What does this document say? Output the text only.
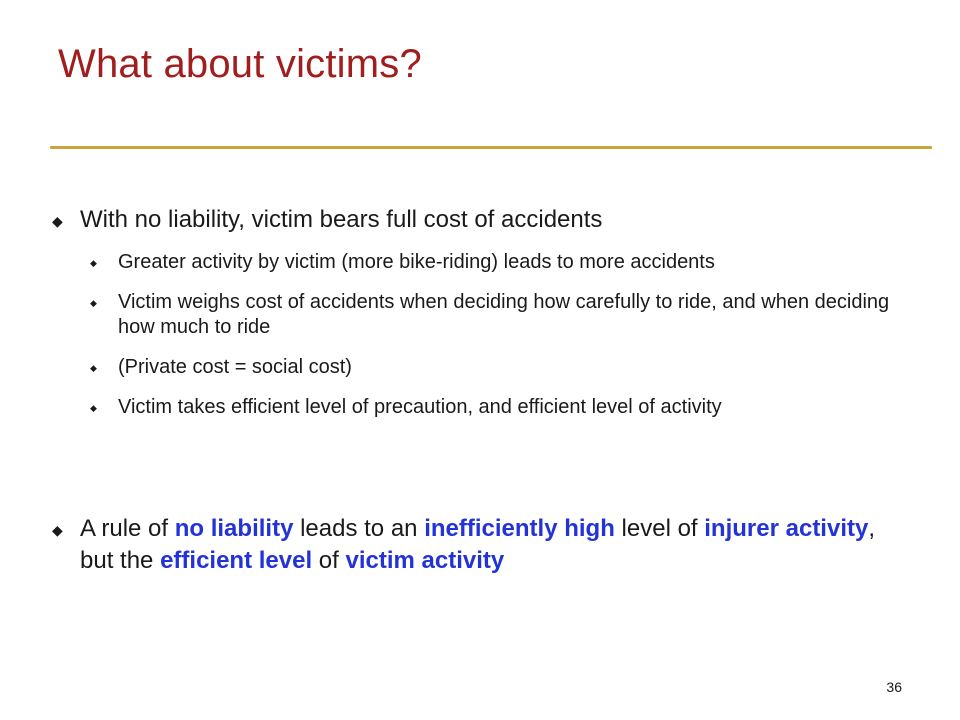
What about victims?
◆ With no liability, victim bears full cost of accidents
◆	Greater activity by victim (more bike-riding) leads to more accidents
◆	Victim weighs cost of accidents when deciding how carefully to ride, and when deciding how much to ride
◆	(Private cost = social cost)
◆	Victim takes efficient level of precaution, and efficient level of activity
◆ A rule of no liability leads to an inefficiently high level of injurer activity, but the efficient level of victim activity
36
